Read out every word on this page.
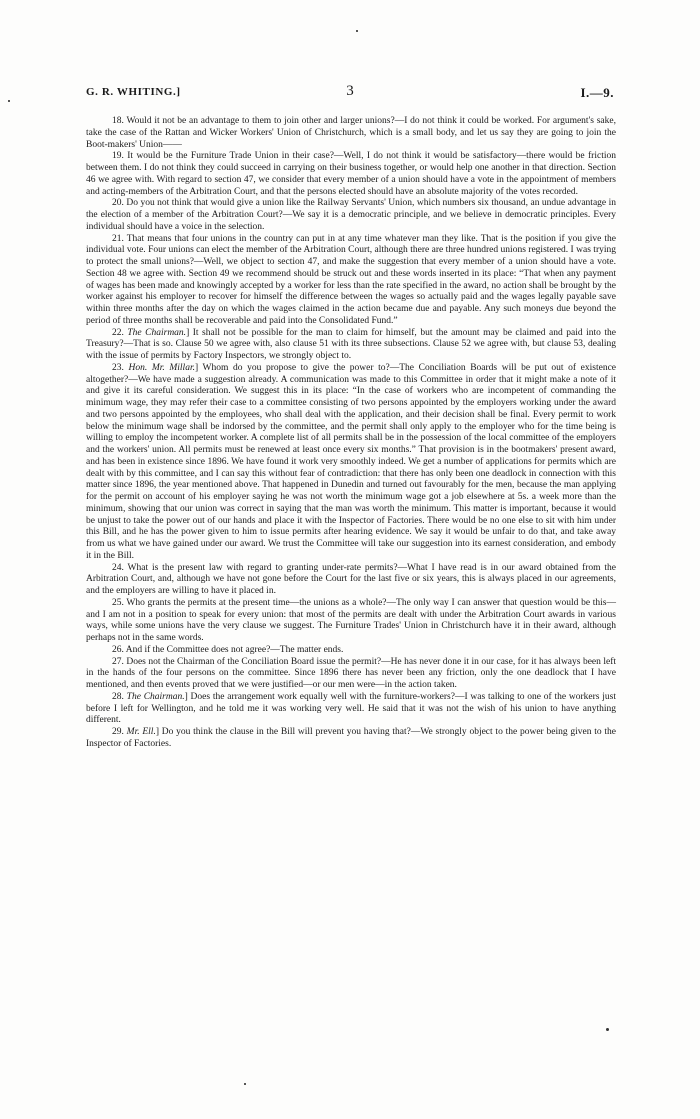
G. R. WHITING.]	3	I.—9.

18. Would it not be an advantage to them to join other and larger unions?—I do not think it could be worked. For argument's sake, take the case of the Rattan and Wicker Workers' Union of Christchurch, which is a small body, and let us say they are going to join the Boot-makers' Union——

19. It would be the Furniture Trade Union in their case?—Well, I do not think it would be satisfactory—there would be friction between them. I do not think they could succeed in carrying on their business together, or would help one another in that direction. Section 46 we agree with. With regard to section 47, we consider that every member of a union should have a vote in the appointment of members and acting-members of the Arbitration Court, and that the persons elected should have an absolute majority of the votes recorded.

20. Do you not think that would give a union like the Railway Servants' Union, which numbers six thousand, an undue advantage in the election of a member of the Arbitration Court?—We say it is a democratic principle, and we believe in democratic principles. Every individual should have a voice in the selection.

21. That means that four unions in the country can put in at any time whatever man they like. That is the position if you give the individual vote. Four unions can elect the member of the Arbitration Court, although there are three hundred unions registered. I was trying to protect the small unions?—Well, we object to section 47, and make the suggestion that every member of a union should have a vote. Section 48 we agree with. Section 49 we recommend should be struck out and these words inserted in its place: “That when any payment of wages has been made and knowingly accepted by a worker for less than the rate specified in the award, no action shall be brought by the worker against his employer to recover for himself the difference between the wages so actually paid and the wages legally payable save within three months after the day on which the wages claimed in the action became due and payable. Any such moneys due beyond the period of three months shall be recoverable and paid into the Consolidated Fund.”

22. The Chairman.] It shall not be possible for the man to claim for himself, but the amount may be claimed and paid into the Treasury?—That is so. Clause 50 we agree with, also clause 51 with its three subsections. Clause 52 we agree with, but clause 53, dealing with the issue of permits by Factory Inspectors, we strongly object to.

23. Hon. Mr. Millar.] Whom do you propose to give the power to?—The Conciliation Boards will be put out of existence altogether?—We have made a suggestion already. A communication was made to this Committee in order that it might make a note of it and give it its careful consideration. We suggest this in its place: “In the case of workers who are incompetent of commanding the minimum wage, they may refer their case to a committee consisting of two persons appointed by the employers working under the award and two persons appointed by the employees, who shall deal with the application, and their decision shall be final. Every permit to work below the minimum wage shall be indorsed by the committee, and the permit shall only apply to the employer who for the time being is willing to employ the incompetent worker. A complete list of all permits shall be in the possession of the local committee of the employers and the workers' union. All permits must be renewed at least once every six months.” That provision is in the bootmakers' present award, and has been in existence since 1896. We have found it work very smoothly indeed. We get a number of applications for permits which are dealt with by this committee, and I can say this without fear of contradiction: that there has only been one deadlock in connection with this matter since 1896, the year mentioned above. That happened in Dunedin and turned out favourably for the men, because the man applying for the permit on account of his employer saying he was not worth the minimum wage got a job elsewhere at 5s. a week more than the minimum, showing that our union was correct in saying that the man was worth the minimum. This matter is important, because it would be unjust to take the power out of our hands and place it with the Inspector of Factories. There would be no one else to sit with him under this Bill, and he has the power given to him to issue permits after hearing evidence. We say it would be unfair to do that, and take away from us what we have gained under our award. We trust the Committee will take our suggestion into its earnest consideration, and embody it in the Bill.

24. What is the present law with regard to granting under-rate permits?—What I have read is in our award obtained from the Arbitration Court, and, although we have not gone before the Court for the last five or six years, this is always placed in our agreements, and the employers are willing to have it placed in.

25. Who grants the permits at the present time—the unions as a whole?—The only way I can answer that question would be this—and I am not in a position to speak for every union: that most of the permits are dealt with under the Arbitration Court awards in various ways, while some unions have the very clause we suggest. The Furniture Trades' Union in Christchurch have it in their award, although perhaps not in the same words.

26. And if the Committee does not agree?—The matter ends.

27. Does not the Chairman of the Conciliation Board issue the permit?—He has never done it in our case, for it has always been left in the hands of the four persons on the committee. Since 1896 there has never been any friction, only the one deadlock that I have mentioned, and then events proved that we were justified—or our men were—in the action taken.

28. The Chairman.] Does the arrangement work equally well with the furniture-workers?—I was talking to one of the workers just before I left for Wellington, and he told me it was working very well. He said that it was not the wish of his union to have anything different.

29. Mr. Ell.] Do you think the clause in the Bill will prevent you having that?—We strongly object to the power being given to the Inspector of Factories.
